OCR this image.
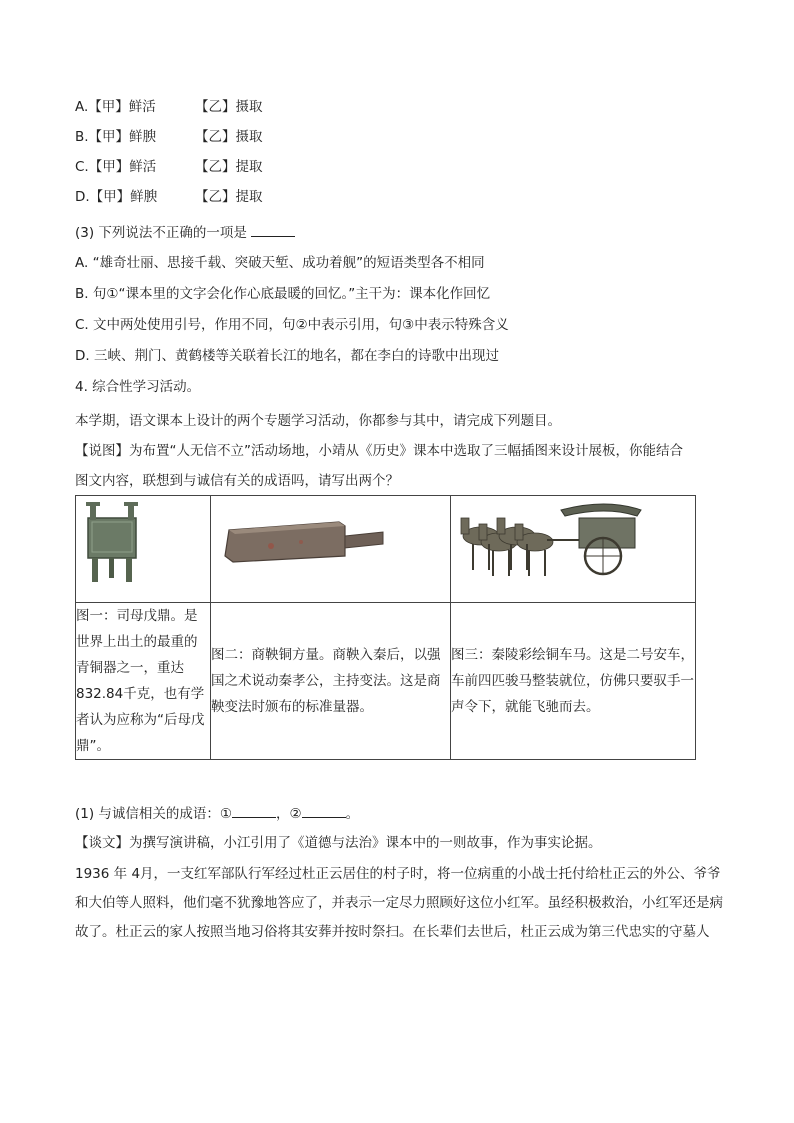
A.【甲】鲜活	【乙】摄取
B.【甲】鲜腴	【乙】摄取
C.【甲】鲜活	【乙】提取
D.【甲】鲜腴	【乙】提取
(3) 下列说法不正确的一项是
A. “雄奇壮丽、思接千载、突破天堑、成功着舰”的短语类型各不相同
B. 句①“课本里的文字会化作心底最暖的回忆。”主干为：课本化作回忆
C. 文中两处使用引号，作用不同，句②中表示引用，句③中表示特殊含义
D. 三峡、荆门、黄鹤楼等关联着长江的地名，都在李白的诗歌中出现过
4. 综合性学习活动。
本学期，语文课本上设计的两个专题学习活动，你都参与其中，请完成下列题目。
【说图】为布置“人无信不立”活动场地，小靖从《历史》课本中选取了三幅插图来设计展板，你能结合
图文内容，联想到与诚信有关的成语吗，请写出两个？

图一：司母戊鼎。是世界上出土的最重的青铜器之一，重达832.84千克，也有学者认为应称为“后母戊鼎”。	图二：商鞅铜方量。商鞅入秦后，以强国之术说动秦孝公，主持变法。这是商鞅变法时颁布的标准量器。	图三：秦陵彩绘铜车马。这是二号安车，车前四匹骏马整装就位，仿佛只要驭手一声令下，就能飞驰而去。
(1) 与诚信相关的成语：①	，②	。
【谈文】为撰写演讲稿，小江引用了《道德与法治》课本中的一则故事，作为事实论据。
1936 年 4月，一支红军部队行军经过杜正云居住的村子时，将一位病重的小战士托付给杜正云的外公、爷爷和大伯等人照料，他们毫不犹豫地答应了，并表示一定尽力照顾好这位小红军。虽经积极救治，小红军还是病故了。杜正云的家人按照当地习俗将其安葬并按时祭扫。在长辈们去世后，杜正云成为第三代忠实的守墓人
